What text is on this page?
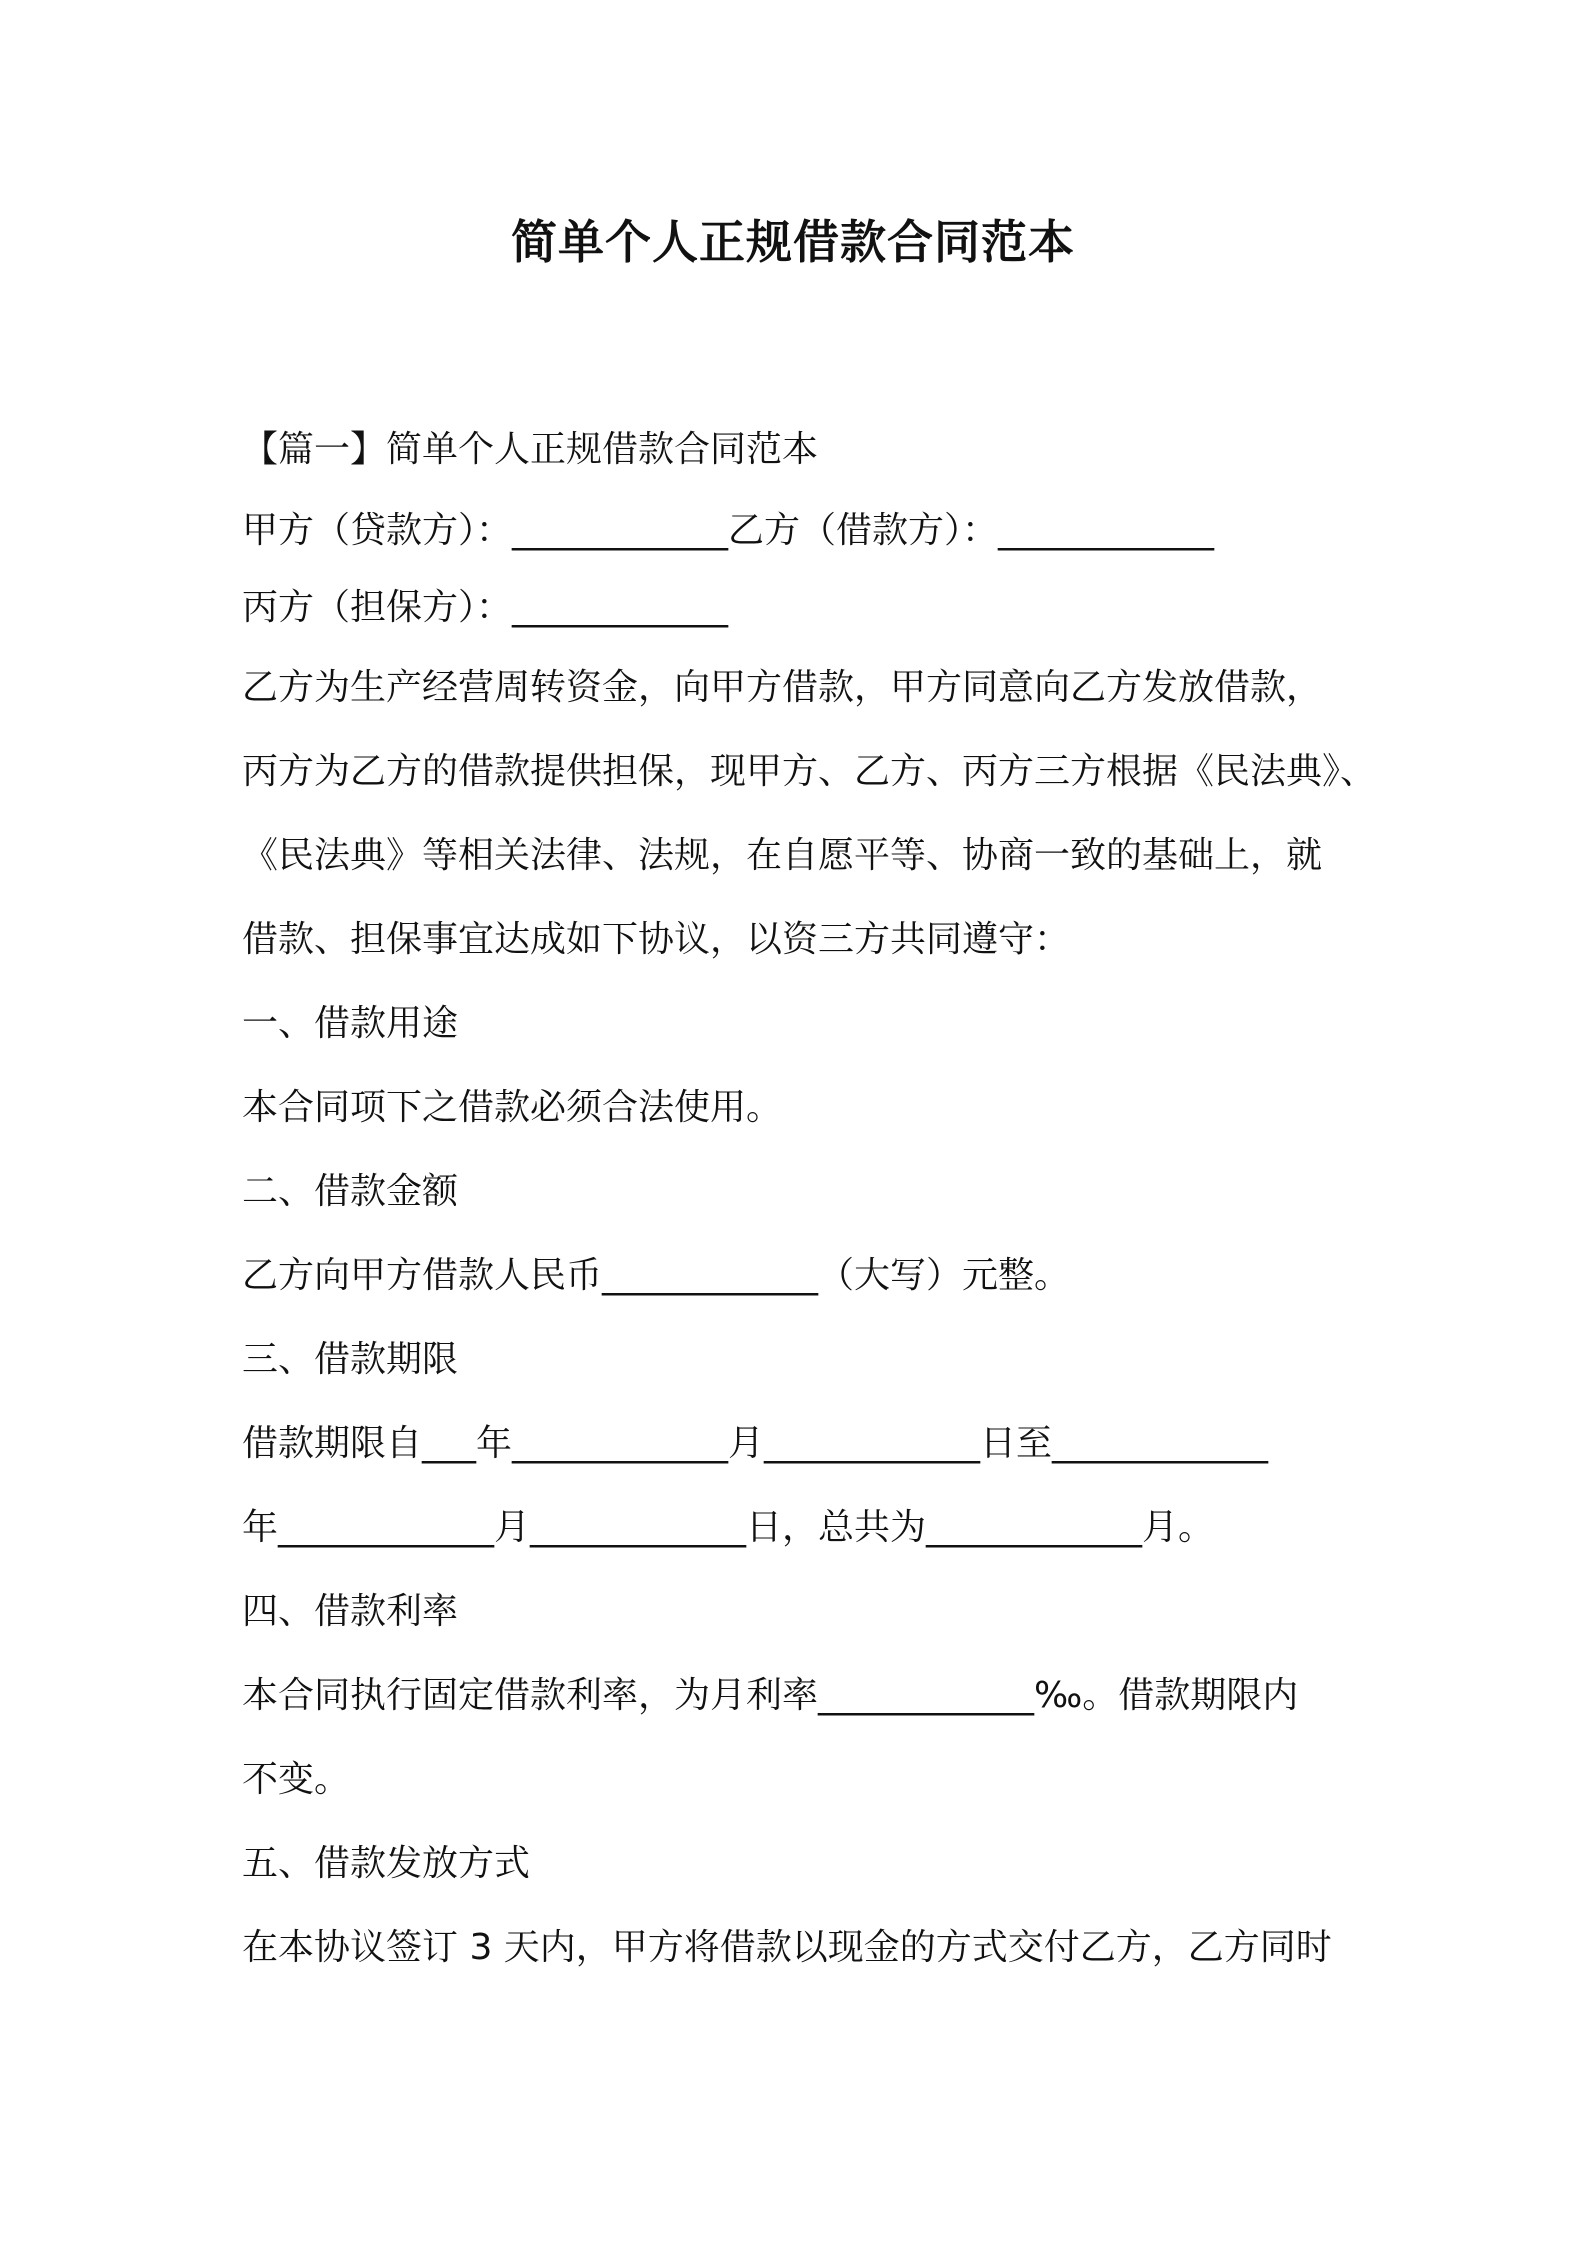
简单个人正规借款合同范本

【篇一】简单个人正规借款合同范本

甲方（贷款方）：____________乙方（借款方）：____________

丙方（担保方）：____________

乙方为生产经营周转资金，向甲方借款，甲方同意向乙方发放借款，

丙方为乙方的借款提供担保，现甲方、乙方、丙方三方根据《民法典》、

《民法典》等相关法律、法规，在自愿平等、协商一致的基础上，就

借款、担保事宜达成如下协议，以资三方共同遵守：

一、借款用途

本合同项下之借款必须合法使用。

二、借款金额

乙方向甲方借款人民币____________（大写）元整。

三、借款期限

借款期限自___年____________月____________日至____________

年____________月____________日，总共为____________月。

四、借款利率

本合同执行固定借款利率，为月利率____________‰。借款期限内

不变。

五、借款发放方式

在本协议签订 3 天内，甲方将借款以现金的方式交付乙方，乙方同时
